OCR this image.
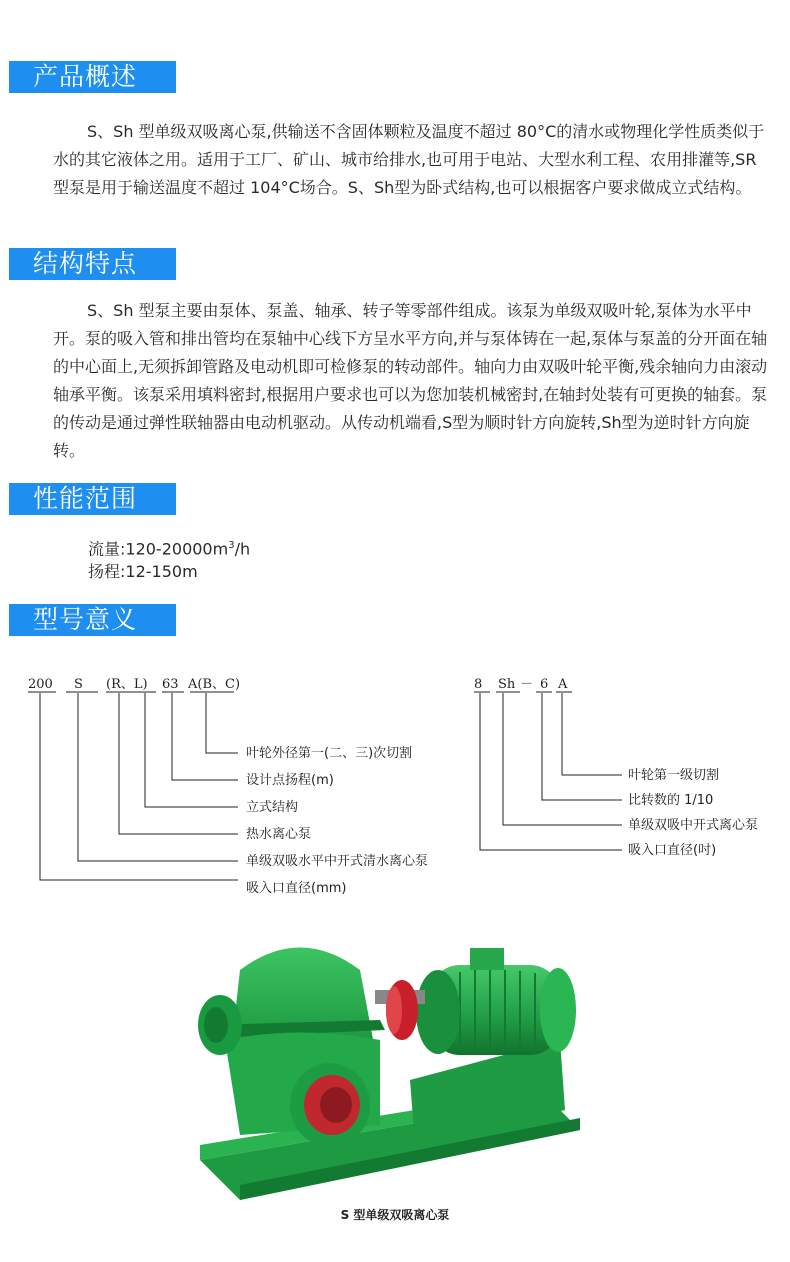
产品概述
S、Sh 型单级双吸离心泵,供输送不含固体颗粒及温度不超过 80°C的清水或物理化学性质类似于水的其它液体之用。适用于工厂、矿山、城市给排水,也可用于电站、大型水利工程、农用排灌等,SR 型泵是用于输送温度不超过 104°C场合。S、Sh型为卧式结构,也可以根据客户要求做成立式结构。
结构特点
S、Sh 型泵主要由泵体、泵盖、轴承、转子等零部件组成。该泵为单级双吸叶轮,泵体为水平中开。泵的吸入管和排出管均在泵轴中心线下方呈水平方向,并与泵体铸在一起,泵体与泵盖的分开面在轴的中心面上,无须拆卸管路及电动机即可检修泵的转动部件。轴向力由双吸叶轮平衡,残余轴向力由滚动轴承平衡。该泵采用填料密封,根据用户要求也可以为您加装机械密封,在轴封处装有可更换的轴套。泵的传动是通过弹性联轴器由电动机驱动。从传动机端看,S型为顺时针方向旋转,Sh型为逆时针方向旋转。
性能范围
流量$:120-20000m^3/h$
扬程:12-150m
型号意义
200 S (R、L) 63 A(B、C)	8 Sh － 6 A
叶轮外径第一(二、三)次切割
设计点扬程(m)
立式结构
热水离心泵
单级双吸水平中开式清水离心泵
吸入口直径(mm)
叶轮第一级切割
比转数的 1/10
单级双吸中开式离心泵
吸入口直径(吋)
S 型单级双吸离心泵
